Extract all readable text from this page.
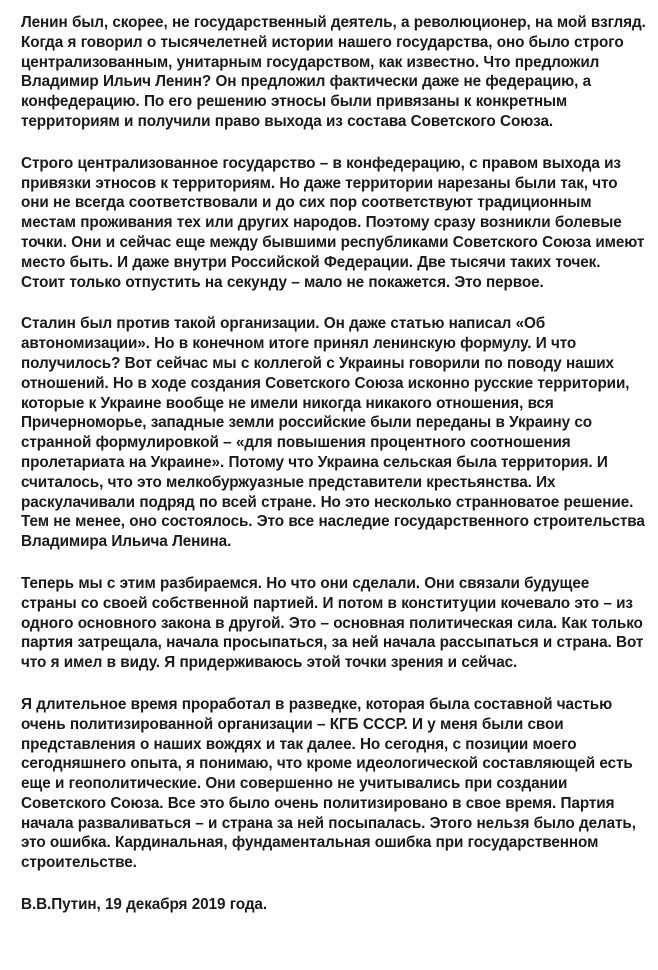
Ленин был, скорее, не государственный деятель, а революционер, на мой взгляд. Когда я говорил о тысячелетней истории нашего государства, оно было строго централизованным, унитарным государством, как известно. Что предложил Владимир Ильич Ленин? Он предложил фактически даже не федерацию, а конфедерацию. По его решению этносы были привязаны к конкретным территориям и получили право выхода из состава Советского Союза.

Строго централизованное государство – в конфедерацию, с правом выхода из привязки этносов к территориям. Но даже территории нарезаны были так, что они не всегда соответствовали и до сих пор соответствуют традиционным местам проживания тех или других народов. Поэтому сразу возникли болевые точки. Они и сейчас еще между бывшими республиками Советского Союза имеют место быть. И даже внутри Российской Федерации. Две тысячи таких точек. Стоит только отпустить на секунду – мало не покажется. Это первое.

Сталин был против такой организации. Он даже статью написал «Об автономизации». Но в конечном итоге принял ленинскую формулу. И что получилось? Вот сейчас мы с коллегой с Украины говорили по поводу наших отношений. Но в ходе создания Советского Союза исконно русские территории, которые к Украине вообще не имели никогда никакого отношения, вся Причерноморье, западные земли российские были переданы в Украину со странной формулировкой – «для повышения процентного соотношения пролетариата на Украине». Потому что Украина сельская была территория. И считалось, что это мелкобуржуазные представители крестьянства. Их раскулачивали подряд по всей стране. Но это несколько странноватое решение. Тем не менее, оно состоялось. Это все наследие государственного строительства Владимира Ильича Ленина.

Теперь мы с этим разбираемся. Но что они сделали. Они связали будущее страны со своей собственной партией. И потом в конституции кочевало это – из одного основного закона в другой. Это – основная политическая сила. Как только партия затрещала, начала просыпаться, за ней начала рассыпаться и страна. Вот что я имел в виду. Я придерживаюсь этой точки зрения и сейчас.

Я длительное время проработал в разведке, которая была составной частью очень политизированной организации – КГБ СССР. И у меня были свои представления о наших вождях и так далее. Но сегодня, с позиции моего сегодняшнего опыта, я понимаю, что кроме идеологической составляющей есть еще и геополитические. Они совершенно не учитывались при создании Советского Союза. Все это было очень политизировано в свое время. Партия начала разваливаться – и страна за ней посыпалась. Этого нельзя было делать, это ошибка. Кардинальная, фундаментальная ошибка при государственном строительстве.

В.В.Путин, 19 декабря 2019 года.
